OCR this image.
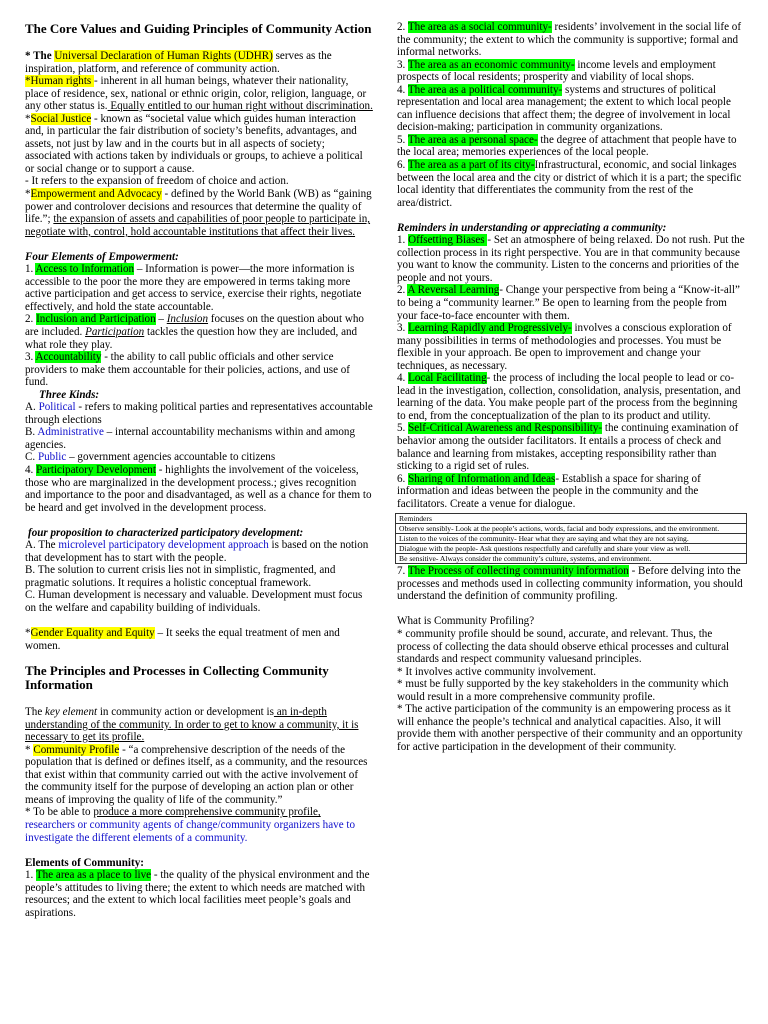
The Core Values and Guiding Principles of Community Action

* The Universal Declaration of Human Rights (UDHR) serves as the inspiration, platform, and reference of community action.

*Human rights - inherent in all human beings, whatever their nationality, place of residence, sex, national or ethnic origin, color, religion, language, or any other status is. Equally entitled to our human right without discrimination.

*Social Justice - known as “societal value which guides human interaction and, in particular the fair distribution of society’s benefits, advantages, and assets, not just by law and in the courts but in all aspects of society; associated with actions taken by individuals or groups, to achieve a political or social change or to support a cause.

- It refers to the expansion of freedom of choice and action.

*Empowerment and Advocacy - defined by the World Bank (WB) as “gaining power and controlover decisions and resources that determine the quality of life.”; the expansion of assets and capabilities of poor people to participate in, negotiate with, control, hold accountable institutions that affect their lives.

Four Elements of Empowerment:

1. Access to Information – Information is power—the more information is accessible to the poor the more they are empowered in terms taking more active participation and get access to service, exercise their rights, negotiate effectively, and hold the state accountable.

2. Inclusion and Participation – Inclusion focuses on the question about who are included. Participation tackles the question how they are included, and what role they play.

3. Accountability - the ability to call public officials and other service providers to make them accountable for their policies, actions, and use of fund.

Three Kinds:

A. Political - refers to making political parties and representatives accountable through elections

B. Administrative – internal accountability mechanisms within and among agencies.

C. Public – government agencies accountable to citizens

4. Participatory Development - highlights the involvement of the voiceless, those who are marginalized in the development process.; gives recognition and importance to the poor and disadvantaged, as well as a chance for them to be heard and get involved in the development process.

four proposition to characterized participatory development:

A. The microlevel participatory development approach is based on the notion that development has to start with the people.

B. The solution to current crisis lies not in simplistic, fragmented, and pragmatic solutions. It requires a holistic conceptual framework.

C. Human development is necessary and valuable. Development must focus on the welfare and capability building of individuals.

*Gender Equality and Equity – It seeks the equal treatment of men and women.

The Principles and Processes in Collecting Community Information

The key element in community action or development is an in-depth understanding of the community. In order to get to know a community, it is necessary to get its profile.

* Community Profile - “a comprehensive description of the needs of the population that is defined or defines itself, as a community, and the resources that exist within that community carried out with the active involvement of the community itself for the purpose of developing an action plan or other means of improving the quality of life of the community.”

* To be able to produce a more comprehensive community profile, researchers or community agents of change/community organizers have to investigate the different elements of a community.

Elements of Community:

1. The area as a place to live - the quality of the physical environment and the people’s attitudes to living there; the extent to which needs are matched with resources; and the extent to which local facilities meet people’s goals and aspirations.

2. The area as a social community- residents’ involvement in the social life of the community; the extent to which the community is supportive; formal and informal networks.

3. The area as an economic community- income levels and employment prospects of local residents; prosperity and viability of local shops.

4. The area as a political community- systems and structures of political representation and local area management; the extent to which local people can influence decisions that affect them; the degree of involvement in local decision-making; participation in community organizations.

5. The area as a personal space- the degree of attachment that people have to the local area; memories experiences of the local people.

6. The area as a part of its city-Infrastructural, economic, and social linkages between the local area and the city or district of which it is a part; the specific local identity that differentiates the community from the rest of the area/district.

Reminders in understanding or appreciating a community:

1. Offsetting Biases - Set an atmosphere of being relaxed. Do not rush. Put the collection process in its right perspective. You are in that community because you want to know the community. Listen to the concerns and priorities of the people and not yours.

2. A Reversal Learning- Change your perspective from being a “Know-it-all” to being a “community learner.” Be open to learning from the people from your face-to-face encounter with them.

3. Learning Rapidly and Progressively- involves a conscious exploration of many possibilities in terms of methodologies and processes. You must be flexible in your approach. Be open to improvement and change your techniques, as necessary.

4. Local Facilitating- the process of including the local people to lead or co-lead in the investigation, collection, consolidation, analysis, presentation, and learning of the data. You make people part of the process from the beginning to end, from the conceptualization of the plan to its product and utility.

5. Self-Critical Awareness and Responsibility- the continuing examination of behavior among the outsider facilitators. It entails a process of check and balance and learning from mistakes, accepting responsibility rather than sticking to a rigid set of rules.

6. Sharing of Information and Ideas- Establish a space for sharing of information and ideas between the people in the community and the facilitators. Create a venue for dialogue.

Reminders
Observe sensibly- Look at the people’s actions, words, facial and body expressions, and the environment.
Listen to the voices of the community- Hear what they are saying and what they are not saying.
Dialogue with the people- Ask questions respectfully and carefully and share your view as well.
Be sensitive- Always consider the community’s culture, systems, and environment.

7. The Process of collecting community information - Before delving into the processes and methods used in collecting community information, you should understand the definition of community profiling.

What is Community Profiling?

* community profile should be sound, accurate, and relevant. Thus, the process of collecting the data should observe ethical processes and cultural standards and respect community valuesand principles.

* It involves active community involvement.

* must be fully supported by the key stakeholders in the community which would result in a more comprehensive community profile.

* The active participation of the community is an empowering process as it will enhance the people’s technical and analytical capacities. Also, it will provide them with another perspective of their community and an opportunity for active participation in the development of their community.
